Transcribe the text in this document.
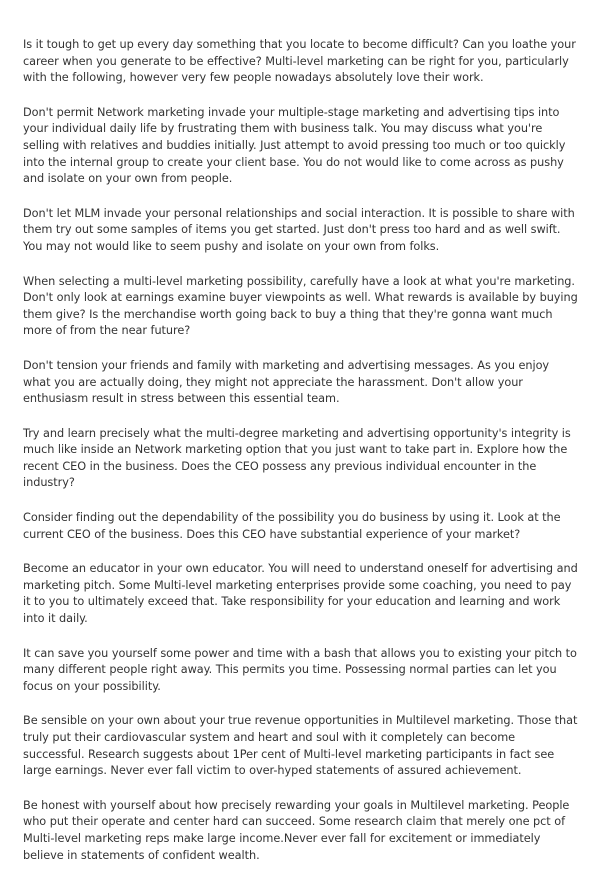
Is it tough to get up every day something that you locate to become difficult? Can you loathe your career when you generate to be effective? Multi-level marketing can be right for you, particularly with the following, however very few people nowadays absolutely love their work.

Don't permit Network marketing invade your multiple-stage marketing and advertising tips into your individual daily life by frustrating them with business talk. You may discuss what you're selling with relatives and buddies initially. Just attempt to avoid pressing too much or too quickly into the internal group to create your client base. You do not would like to come across as pushy and isolate on your own from people.

Don't let MLM invade your personal relationships and social interaction. It is possible to share with them try out some samples of items you get started. Just don't press too hard and as well swift. You may not would like to seem pushy and isolate on your own from folks.

When selecting a multi-level marketing possibility, carefully have a look at what you're marketing. Don't only look at earnings examine buyer viewpoints as well. What rewards is available by buying them give? Is the merchandise worth going back to buy a thing that they're gonna want much more of from the near future?

Don't tension your friends and family with marketing and advertising messages. As you enjoy what you are actually doing, they might not appreciate the harassment. Don't allow your enthusiasm result in stress between this essential team.

Try and learn precisely what the multi-degree marketing and advertising opportunity's integrity is much like inside an Network marketing option that you just want to take part in. Explore how the recent CEO in the business. Does the CEO possess any previous individual encounter in the industry?

Consider finding out the dependability of the possibility you do business by using it. Look at the current CEO of the business. Does this CEO have substantial experience of your market?

Become an educator in your own educator. You will need to understand oneself for advertising and marketing pitch. Some Multi-level marketing enterprises provide some coaching, you need to pay it to you to ultimately exceed that. Take responsibility for your education and learning and work into it daily.

It can save you yourself some power and time with a bash that allows you to existing your pitch to many different people right away. This permits you time. Possessing normal parties can let you focus on your possibility.

Be sensible on your own about your true revenue opportunities in Multilevel marketing. Those that truly put their cardiovascular system and heart and soul with it completely can become successful. Research suggests about 1Per cent of Multi-level marketing participants in fact see large earnings. Never ever fall victim to over-hyped statements of assured achievement.

Be honest with yourself about how precisely rewarding your goals in Multilevel marketing. People who put their operate and center hard can succeed. Some research claim that merely one pct of Multi-level marketing reps make large income.Never ever fall for excitement or immediately believe in statements of confident wealth.
